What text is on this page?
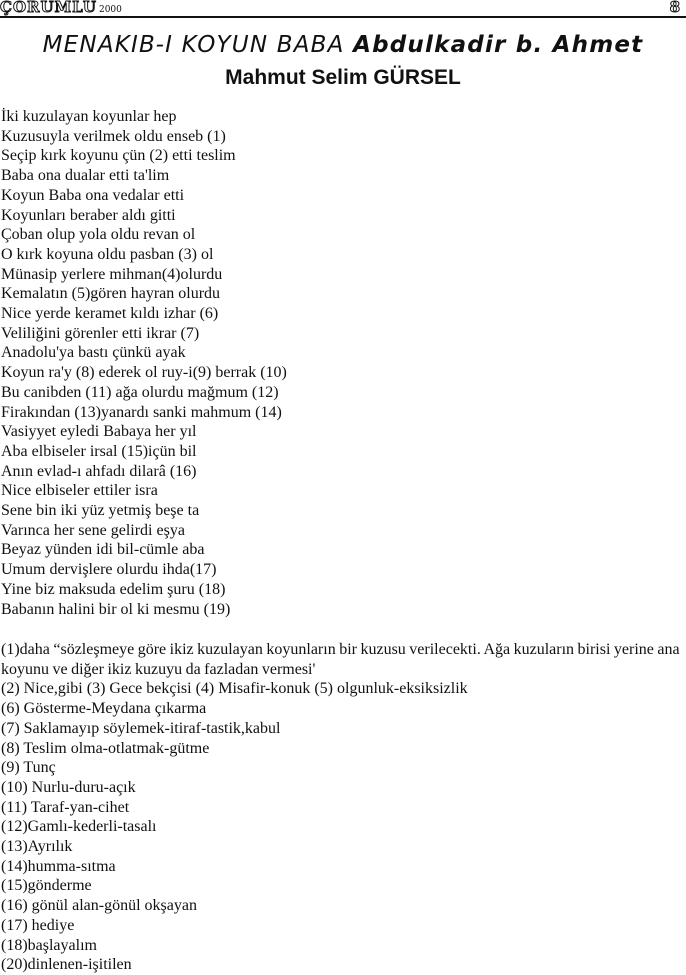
ÇORUMLU 2000	8
MENAKIB-I KOYUN BABA Abdulkadir b. Ahmet
Mahmut Selim GÜRSEL
İki kuzulayan koyunlar hep
Kuzusuyla verilmek oldu enseb (1)
Seçip kırk koyunu çün (2) etti teslim
Baba ona dualar etti ta'lim
Koyun Baba ona vedalar etti
Koyunları beraber aldı gitti
Çoban olup yola oldu revan ol
O kırk koyuna oldu pasban (3) ol
Münasip yerlere mihman(4)olurdu
Kemalatın (5)gören hayran olurdu
Nice yerde keramet kıldı izhar (6)
Veliliğini görenler etti ikrar (7)
Anadolu'ya bastı çünkü ayak
Koyun ra'y (8) ederek ol ruy-i(9) berrak (10)
Bu canibden (11) ağa olurdu mağmum (12)
Firakından (13)yanardı sanki mahmum (14)
Vasiyyet eyledi Babaya her yıl
Aba elbiseler irsal (15)içün bil
Anın evlad-ı ahfadı dilarâ (16)
Nice elbiseler ettiler isra
Sene bin iki yüz yetmiş beşe ta
Varınca her sene gelirdi eşya
Beyaz yünden idi bil-cümle aba
Umum dervişlere olurdu ihda(17)
Yine biz maksuda edelim şuru (18)
Babanın halini bir ol ki mesmu (19)
(1)daha “sözleşmeye göre ikiz kuzulayan koyunların bir kuzusu verilecekti. Ağa kuzuların birisi yerine ana koyunu ve diğer ikiz kuzuyu da fazladan vermesi'
(2) Nice,gibi (3) Gece bekçisi (4) Misafir-konuk (5) olgunluk-eksiksizlik
(6) Gösterme-Meydana çıkarma
(7) Saklamayıp söylemek-itiraf-tastik,kabul
(8) Teslim olma-otlatmak-gütme
(9) Tunç
(10) Nurlu-duru-açık
(11) Taraf-yan-cihet
(12)Gamlı-kederli-tasalı
(13)Ayrılık
(14)humma-sıtma
(15)gönderme
(16) gönül alan-gönül okşayan
(17) hediye
(18)başlayalım
(20)dinlenen-işitilen
